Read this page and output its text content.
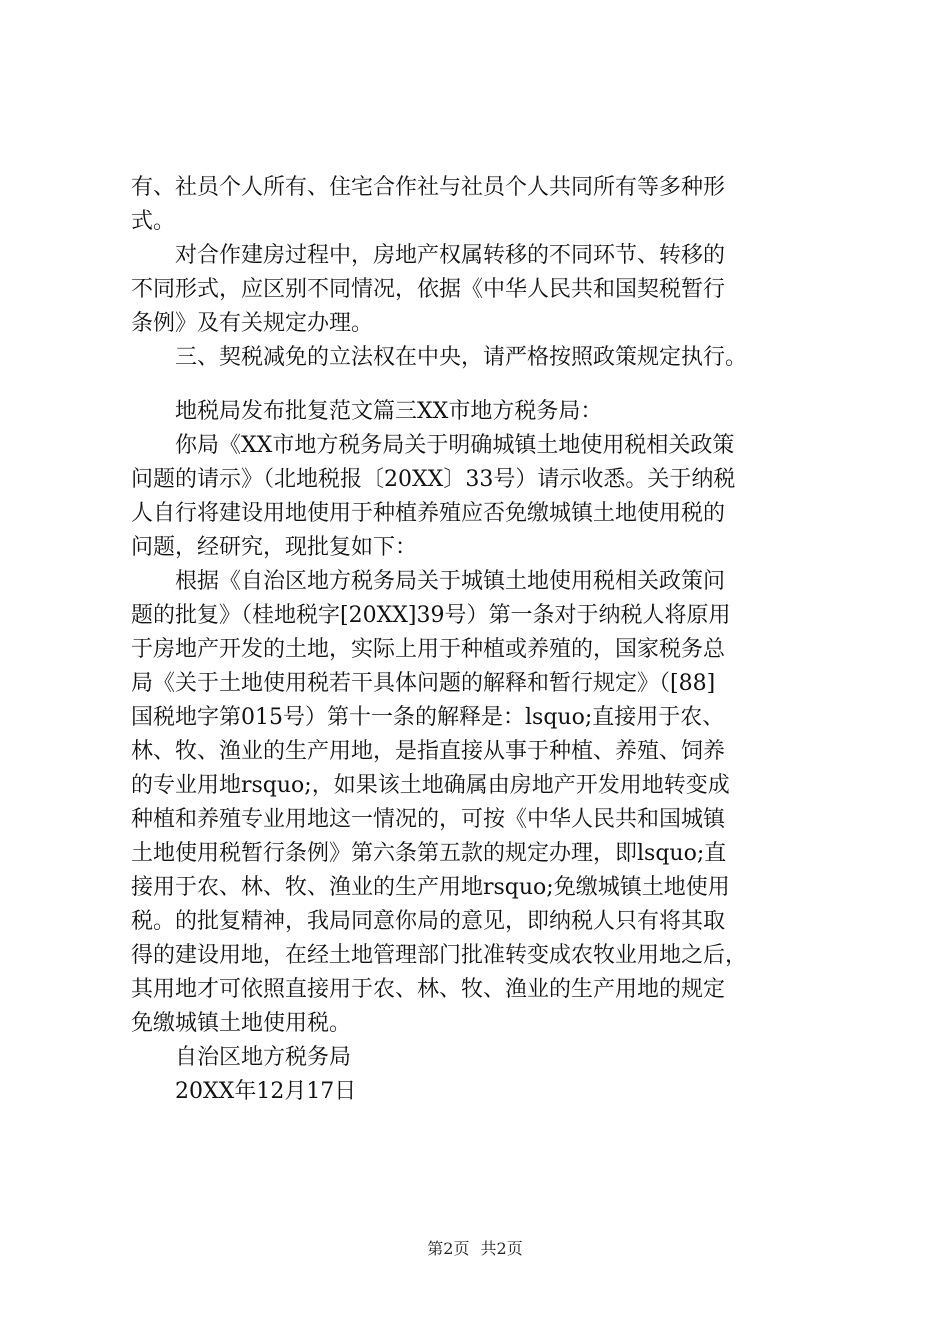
有、社员个人所有、住宅合作社与社员个人共同所有等多种形
式。
对合作建房过程中，房地产权属转移的不同环节、转移的
不同形式，应区别不同情况，依据《中华人民共和国契税暂行
条例》及有关规定办理。
三、契税减免的立法权在中央，请严格按照政策规定执行。
地税局发布批复范文篇三XX市地方税务局：
你局《XX市地方税务局关于明确城镇土地使用税相关政策
问题的请示》（北地税报〔20XX〕33号）请示收悉。关于纳税
人自行将建设用地使用于种植养殖应否免缴城镇土地使用税的
问题，经研究，现批复如下：
根据《自治区地方税务局关于城镇土地使用税相关政策问
题的批复》（桂地税字[20XX]39号）第一条对于纳税人将原用
于房地产开发的土地，实际上用于种植或养殖的，国家税务总
局《关于土地使用税若干具体问题的解释和暂行规定》（[88]
国税地字第015号）第十一条的解释是：lsquo;直接用于农、
林、牧、渔业的生产用地，是指直接从事于种植、养殖、饲养
的专业用地rsquo;，如果该土地确属由房地产开发用地转变成
种植和养殖专业用地这一情况的，可按《中华人民共和国城镇
土地使用税暂行条例》第六条第五款的规定办理，即lsquo;直
接用于农、林、牧、渔业的生产用地rsquo;免缴城镇土地使用
税。的批复精神，我局同意你局的意见，即纳税人只有将其取
得的建设用地，在经土地管理部门批准转变成农牧业用地之后，
其用地才可依照直接用于农、林、牧、渔业的生产用地的规定
免缴城镇土地使用税。
自治区地方税务局
20XX年12月17日
第2页 共2页
